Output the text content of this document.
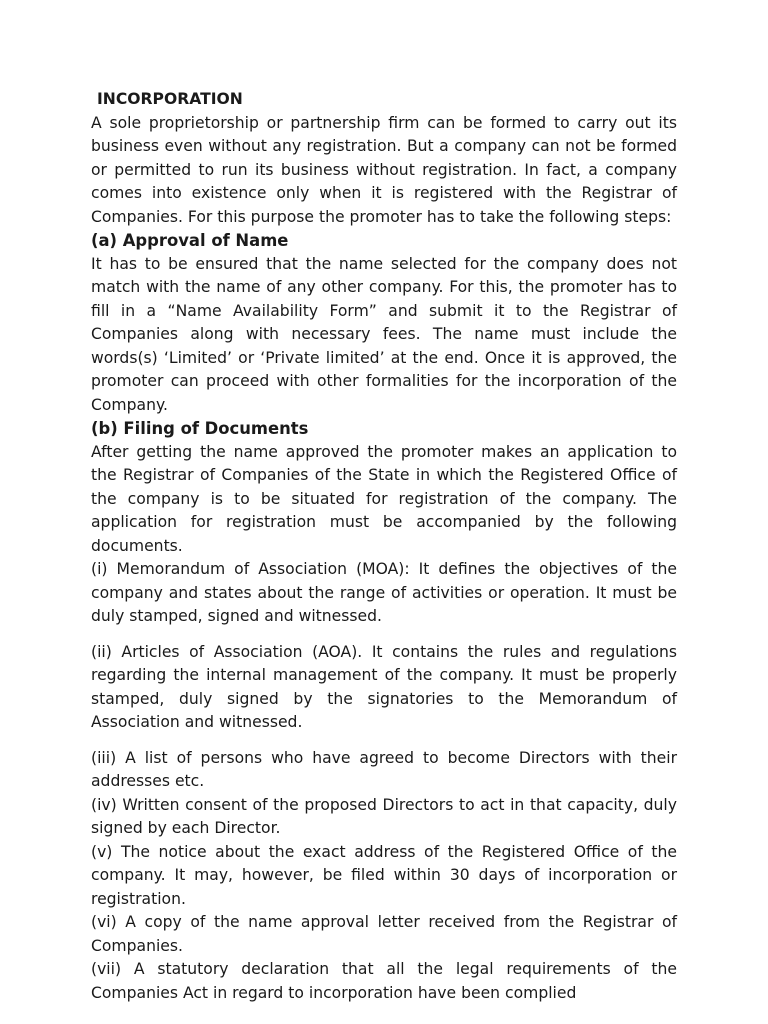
INCORPORATION

A sole proprietorship or partnership firm can be formed to carry out its business even without any registration. But a company can not be formed or permitted to run its business without registration. In fact, a company comes into existence only when it is registered with the Registrar of Companies. For this purpose the promoter has to take the following steps:

(a) Approval of Name

It has to be ensured that the name selected for the company does not match with the name of any other company. For this, the promoter has to fill in a “Name Availability Form” and submit it to the Registrar of Companies along with necessary fees. The name must include the words(s) ‘Limited’ or ‘Private limited’ at the end. Once it is approved, the promoter can proceed with other formalities for the incorporation of the Company.

(b) Filing of Documents

After getting the name approved the promoter makes an application to the Registrar of Companies of the State in which the Registered Office of the company is to be situated for registration of the company. The application for registration must be accompanied by the following documents.

(i) Memorandum of Association (MOA): It defines the objectives of the company and states about the range of activities or operation. It must be duly stamped, signed and witnessed.

(ii) Articles of Association (AOA). It contains the rules and regulations regarding the internal management of the company. It must be properly stamped, duly signed by the signatories to the Memorandum of Association and witnessed.

(iii) A list of persons who have agreed to become Directors with their addresses etc.

(iv) Written consent of the proposed Directors to act in that capacity, duly signed by each Director.

(v) The notice about the exact address of the Registered Office of the company. It may, however, be filed within 30 days of incorporation or registration.

(vi) A copy of the name approval letter received from the Registrar of Companies.

(vii) A statutory declaration that all the legal requirements of the Companies Act in regard to incorporation have been complied
